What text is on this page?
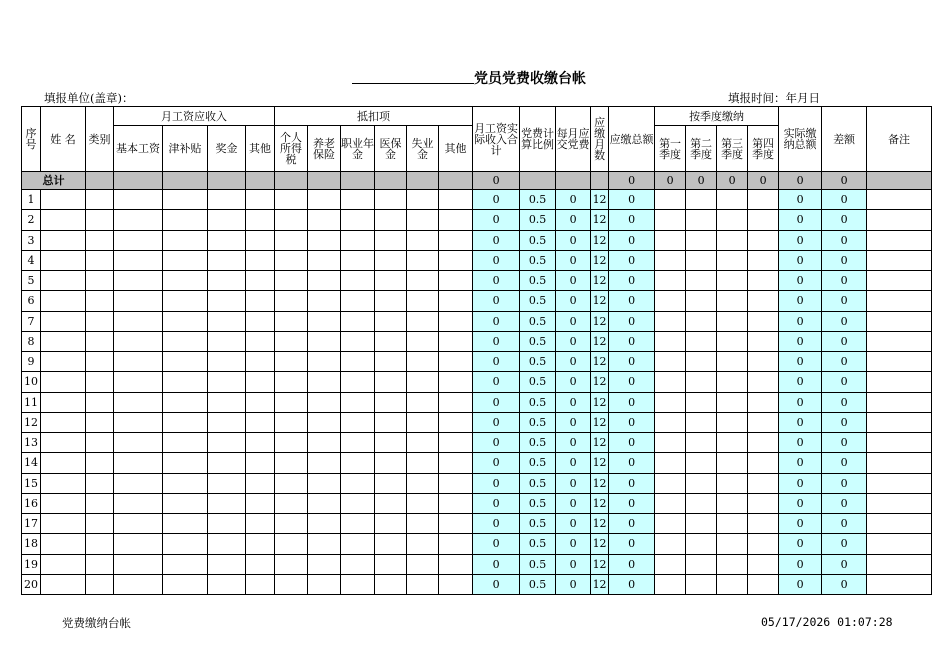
党员党费收缴台帐
填报单位(盖章)：	填报时间：年月日
序号	姓 名	类别	月工资应收入				抵扣项						月工资实际收入合计	党费计算比例	每月应交党费	应缴月数	应缴总额	按季度缴纳				实际缴纳总额	差额	备注
			基本工资	津补贴	奖金	其他	个人所得税	养老保险	职业年金	医保金	失业金	其他						第一季度	第二季度	第三季度	第四季度			
总计													0				0	0	0	0	0	0	0	
1													0	0.5	0	12	0					0	0	
2													0	0.5	0	12	0					0	0	
3													0	0.5	0	12	0					0	0	
4													0	0.5	0	12	0					0	0	
5													0	0.5	0	12	0					0	0	
6													0	0.5	0	12	0					0	0	
7													0	0.5	0	12	0					0	0	
8													0	0.5	0	12	0					0	0	
9													0	0.5	0	12	0					0	0	
10													0	0.5	0	12	0					0	0	
11													0	0.5	0	12	0					0	0	
12													0	0.5	0	12	0					0	0	
13													0	0.5	0	12	0					0	0	
14													0	0.5	0	12	0					0	0	
15													0	0.5	0	12	0					0	0	
16													0	0.5	0	12	0					0	0	
17													0	0.5	0	12	0					0	0	
18													0	0.5	0	12	0					0	0	
19													0	0.5	0	12	0					0	0	
20													0	0.5	0	12	0					0	0	
党费缴纳台帐	05/17/2026 01:07:28
